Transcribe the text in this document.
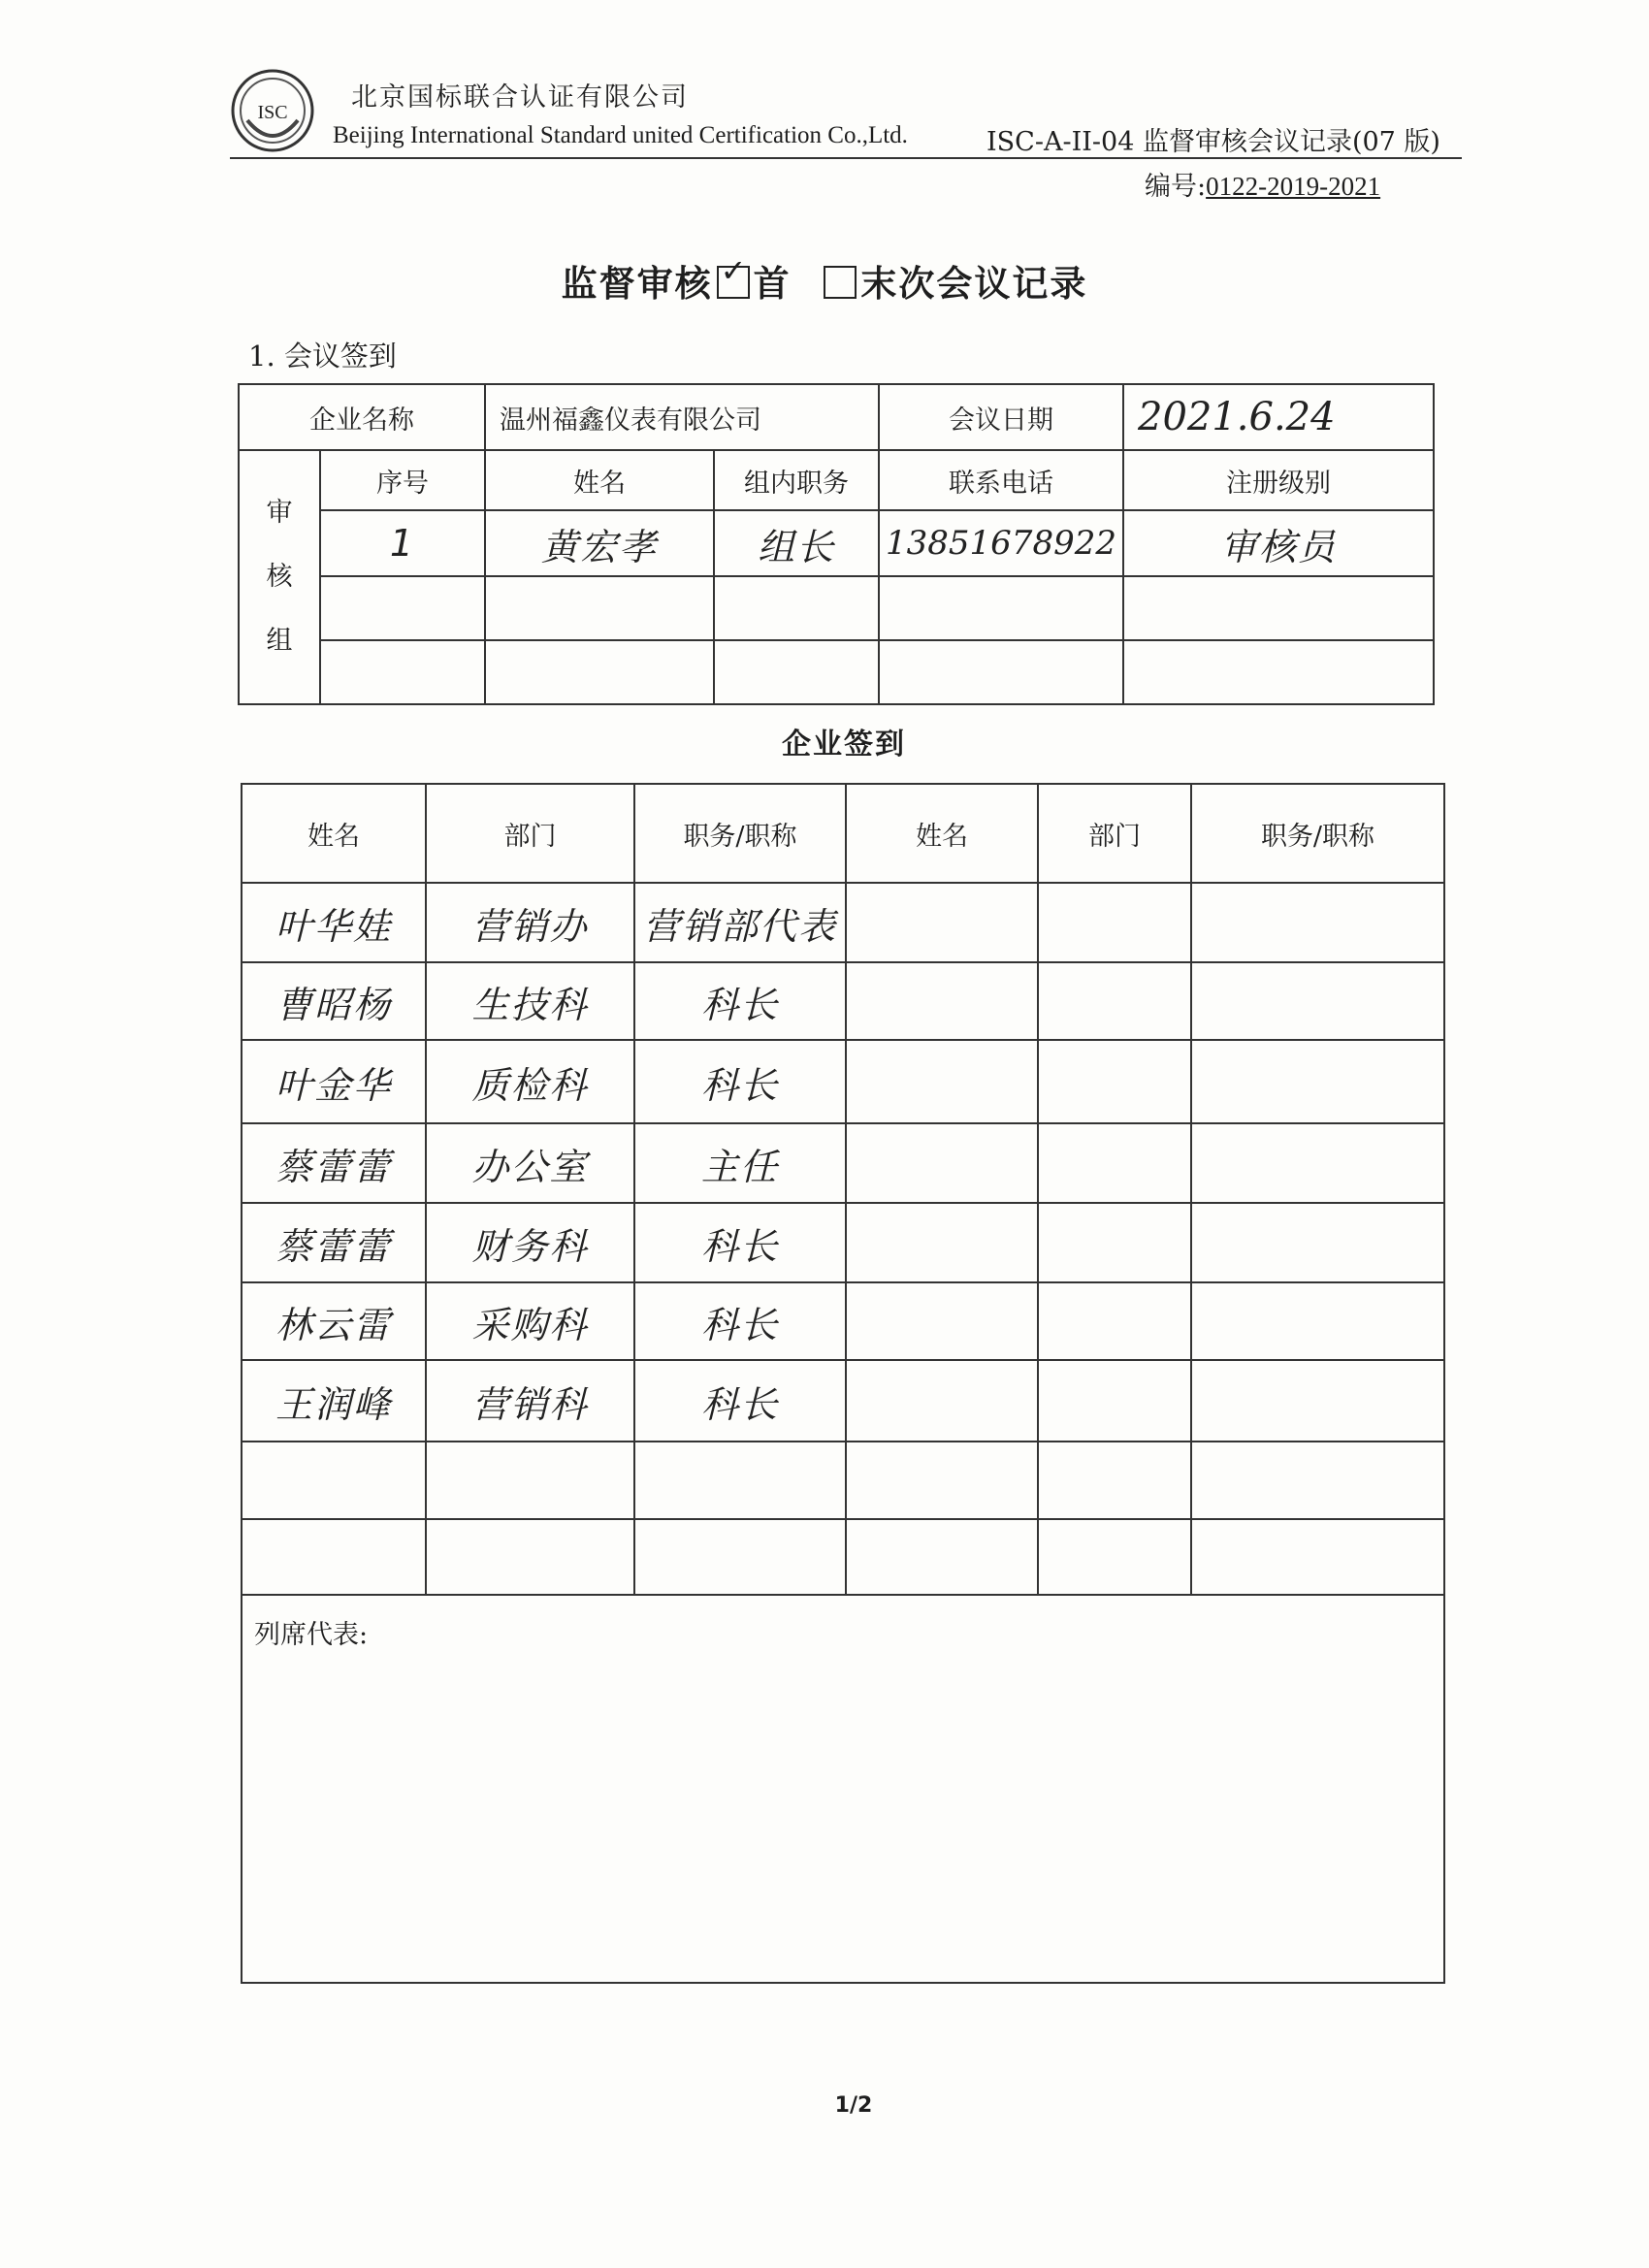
ISC 北京国标联合认证有限公司
Beijing International Standard united Certification Co.,Ltd.	ISC-A-II-04 监督审核会议记录(07 版)
编号:0122-2019-2021
监督审核 ✓ 首 末次会议记录
1. 会议签到
企业名称		温州福鑫仪表有限公司		会议日期	2021.6.24

审核组	序号	姓名	组内职务	联系电话	注册级别
	1	黄宏孝	组长	13851678922	审核员

企业签到
姓名	部门	职务/职称	姓名	部门	职务/职称
叶华娃	营销办	营销部代表			
曹昭杨	生技科	科长			
叶金华	质检科	科长			
蔡蕾蕾	办公室	主任			
蔡蕾蕾	财务科	科长			
林云雷	采购科	科长			
王润峰	营销科	科长			

列席代表:					
1/2
